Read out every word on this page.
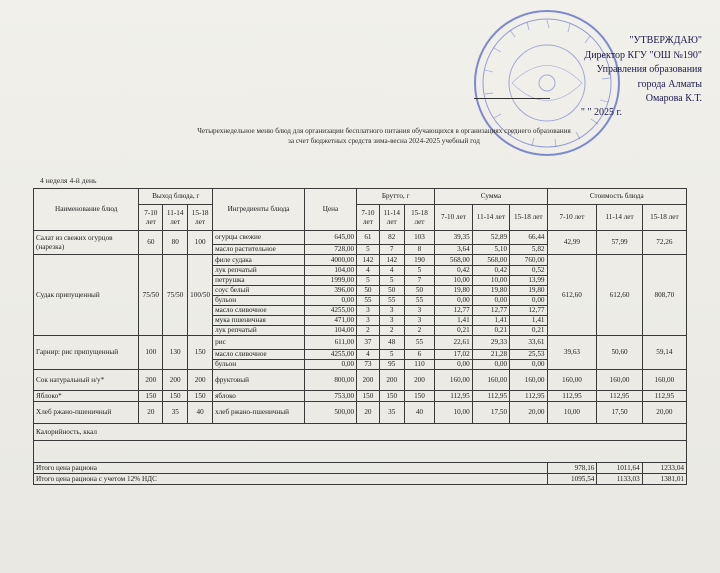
"УТВЕРЖДАЮ"
Директор КГУ "ОШ №190"
Управления образования
города Алматы
Омарова К.Т.
" " 2025 г.
Четырехнедельное меню блюд для организации бесплатного питания обучающихся в организациях среднего образования
за счет бюджетных средств зима-весна 2024-2025 учебный год
4 неделя 4-й день
Наименование блюд	Выход блюда, г			Ингредиенты блюда	Цена	Брутто, г			Сумма			Стоимость блюда		
	7-10 лет	11-14 лет	15-18 лет			7-10 лет	11-14 лет	15-18 лет	7-10 лет	11-14 лет	15-18 лет	7-10 лет	11-14 лет	15-18 лет
Салат из свежих огурцов (нарезка)	60	80	100	огурцы свежие	645,00	61	82	103	39,35	52,89	66,44	42,99	57,99	72,26
				масло растительное	728,00	5	7	8	3,64	5,10	5,82			
Судак припущенный	75/50	75/50	100/50	филе судака	4000,00	142	142	190	568,00	568,00	760,00	612,60	612,60	808,70
				лук репчатый	104,00	4	4	5	0,42	0,42	0,52			
				петрушка	1999,00	5	5	7	10,00	10,00	13,99			
				соус белый	396,00	50	50	50	19,80	19,80	19,80			
				бульон	0,00	55	55	55	0,00	0,00	0,00			
				масло сливочное	4255,00	3	3	3	12,77	12,77	12,77			
				мука пшеничная	471,00	3	3	3	1,41	1,41	1,41			
				лук репчатый	104,00	2	2	2	0,21	0,21	0,21			
Гарнир: рис припущенный	100	130	150	рис	611,00	37	48	55	22,61	29,33	33,61	39,63	50,60	59,14
				масло сливочное	4255,00	4	5	6	17,02	21,28	25,53			
				бульон	0,00	73	95	110	0,00	0,00	0,00			
Сок натуральный н/у*	200	200	200	фруктовый	800,00	200	200	200	160,00	160,00	160,00	160,00	160,00	160,00
Яблоко*	150	150	150	яблоко	753,00	150	150	150	112,95	112,95	112,95	112,95	112,95	112,95
Хлеб ржано-пшеничный	20	35	40	хлеб ржано-пшеничный	500,00	20	35	40	10,00	17,50	20,00	10,00	17,50	20,00
Калорийность, ккал														

Итого цена рациона												978,16	1011,64	1233,04
Итого цена рациона с учетом 12% НДС												1095,54	1133,03	1381,01
